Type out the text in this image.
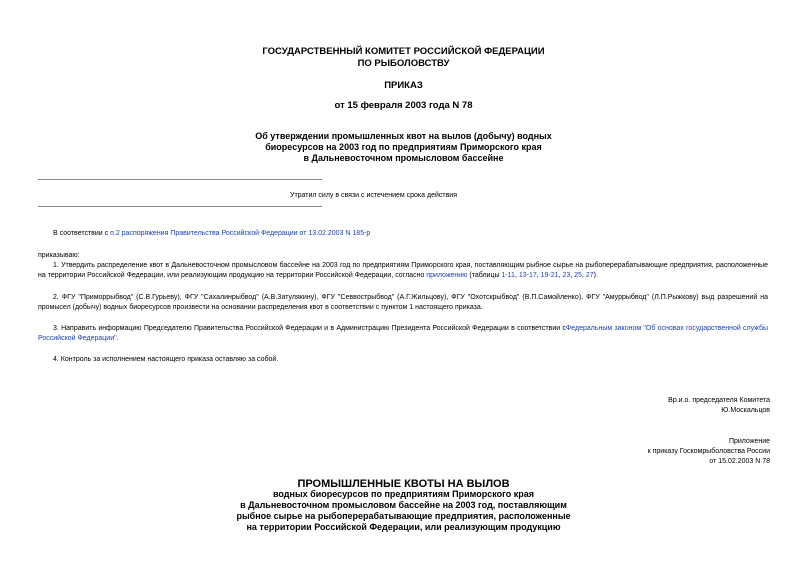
ГОСУДАРСТВЕННЫЙ КОМИТЕТ РОССИЙСКОЙ ФЕДЕРАЦИИ
ПО РЫБОЛОВСТВУ
ПРИКАЗ
от 15 февраля 2003 года N 78
Об утверждении промышленных квот на вылов (добычу) водных
биоресурсов на 2003 год по предприятиям Приморского края
в Дальневосточном промысловом бассейне
Утратил силу в связи с истечением срока действия
В соответствии с п.2 распоряжения Правительства Российской Федерации от 13.02.2003 N 185-р
приказываю:
1. Утвердить распределение квот в Дальневосточном промысловом бассейне на 2003 год по предприятиям Приморского края, поставляющим рыбное сырье на рыбоперерабатывающие предприятия, расположенные на территории Российской Федерации, или реализующим продукцию на территории Российской Федерации, согласно приложению (таблицы 1-11, 13-17, 19-21, 23, 25, 27).
2. ФГУ "Приморрыбвод" (С.В.Гурьеву), ФГУ "Сахалинрыбвод" (А.В.Затулякину), ФГУ "Севвострыбвод" (А.Г.Жильцову), ФГУ "Охотскрыбвод" (В.П.Самойленко), ФГУ "Амуррыбвод" (Л.П.Рыжкову) выд разрешений на промысел (добычу) водных биоресурсов произвести на основании распределения квот в соответствии с пунктом 1 настоящего приказа.
3. Направить информацию Председателю Правительства Российской Федерации и в Администрацию Президента Российской Федерации в соответствии сФедеральным законом "Об основах государственной службы Российской Федерации".
4. Контроль за исполнением настоящего приказа оставляю за собой.
Вр.и.о. председателя Комитета
Ю.Москальцов
Приложение
к приказу Госкомрыболовства России
от 15.02.2003 N 78
ПРОМЫШЛЕННЫЕ КВОТЫ НА ВЫЛОВ
водных биоресурсов по предприятиям Приморского края
в Дальневосточном промысловом бассейне на 2003 год, поставляющим
рыбное сырье на рыбоперерабатывающие предприятия, расположенные
на территории Российской Федерации, или реализующим продукцию
